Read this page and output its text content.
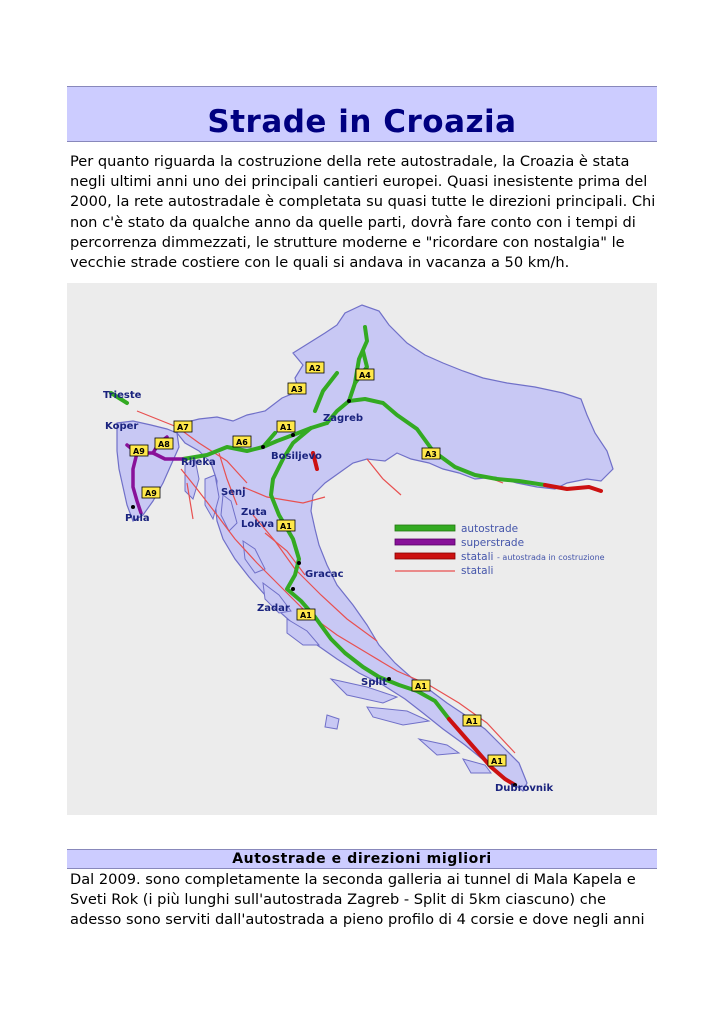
Strade in Croazia

Per quanto riguarda la costruzione della rete autostradale, la Croazia è stata negli ultimi anni uno dei principali cantieri europei. Quasi inesistente prima del 2000, la rete autostradale è completata su quasi tutte le direzioni principali. Chi non c'è stato da qualche anno da quelle parti, dovrà fare conto con i tempi di percorrenza dimmezzati, le strutture moderne e "ricordare con nostalgia" le vecchie strade costiere con le quali si andava in vacanza a 50 km/h.

Trieste
Koper
Rijeka
Pula
Senj
Zuta
Lokva
Bosiljevo
Zagreb
Gracac
Zadar
Split
Dubrovnik
A2
A4
A3
A1
A7
A6
A8
A9
A9
A3
A1
A1
A1
A1
A1
autostrade
superstrade
statali - autostrada in costruzione
statali
Autostrade e direzioni migliori

Dal 2009. sono completamente la seconda galleria ai tunnel di Mala Kapela e Sveti Rok (i più lunghi sull'autostrada Zagreb - Split di 5km ciascuno) che adesso sono serviti dall'autostrada a pieno profilo di 4 corsie e dove negli anni
